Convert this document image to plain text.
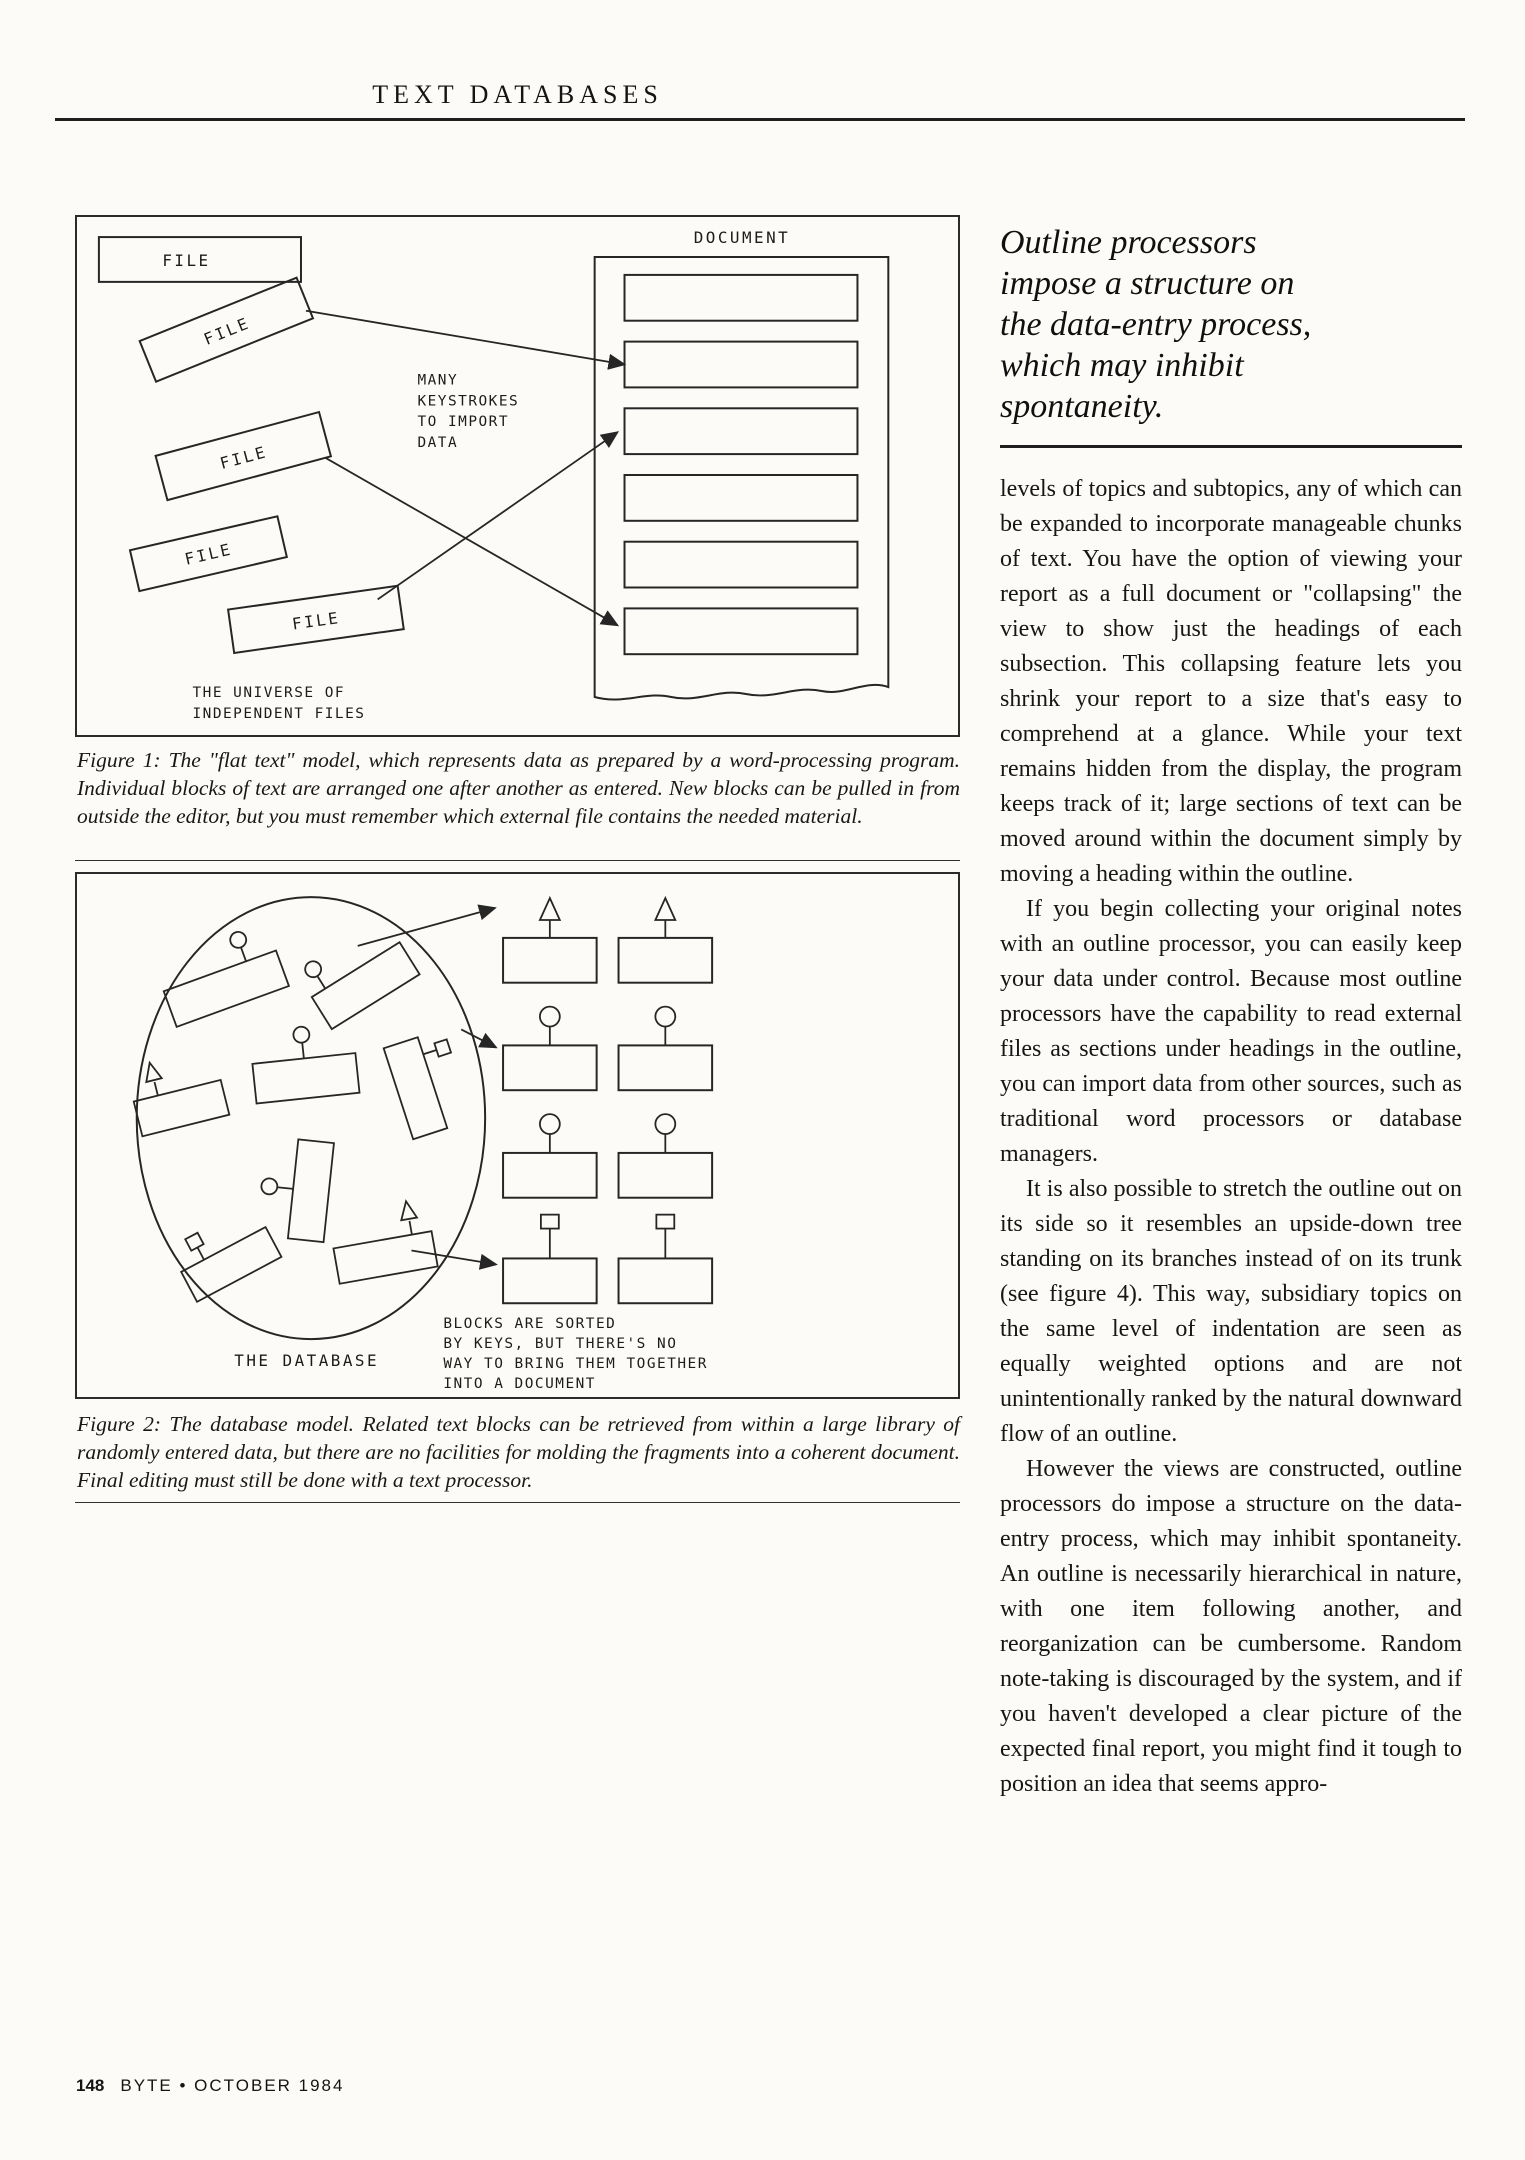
TEXT DATABASES
DOCUMENT
FILE
FILE
FILE
FILE
FILE
MANY
KEYSTROKES
TO IMPORT
DATA
THE UNIVERSE OF
INDEPENDENT FILES
Figure 1: The "flat text" model, which represents data as prepared by a word-processing program. Individual blocks of text are arranged one after another as entered. New blocks can be pulled in from outside the editor, but you must remember which external file contains the needed material.
THE DATABASE
BLOCKS ARE SORTED
BY KEYS, BUT THERE'S NO
WAY TO BRING THEM TOGETHER
INTO A DOCUMENT
Figure 2: The database model. Related text blocks can be retrieved from within a large library of randomly entered data, but there are no facilities for molding the fragments into a coherent document. Final editing must still be done with a text processor.
Outline processors
impose a structure on
the data-entry process,
which may inhibit
spontaneity.

levels of topics and subtopics, any of which can be expanded to incorporate manageable chunks of text. You have the option of viewing your report as a full document or "collapsing" the view to show just the headings of each subsection. This collapsing feature lets you shrink your report to a size that's easy to comprehend at a glance. While your text remains hidden from the display, the program keeps track of it; large sections of text can be moved around within the document simply by moving a heading within the outline.

If you begin collecting your original notes with an outline processor, you can easily keep your data under control. Because most outline processors have the capability to read external files as sections under headings in the outline, you can import data from other sources, such as traditional word processors or database managers.

It is also possible to stretch the outline out on its side so it resembles an upside-down tree standing on its branches instead of on its trunk (see figure 4). This way, subsidiary topics on the same level of indentation are seen as equally weighted options and are not unintentionally ranked by the natural downward flow of an outline.

However the views are constructed, outline processors do impose a structure on the data-entry process, which may inhibit spontaneity. An outline is necessarily hierarchical in nature, with one item following another, and reorganization can be cumbersome. Random note-taking is discouraged by the system, and if you haven't developed a clear picture of the expected final report, you might find it tough to position an idea that seems appro-

148 BYTE • OCTOBER 1984
